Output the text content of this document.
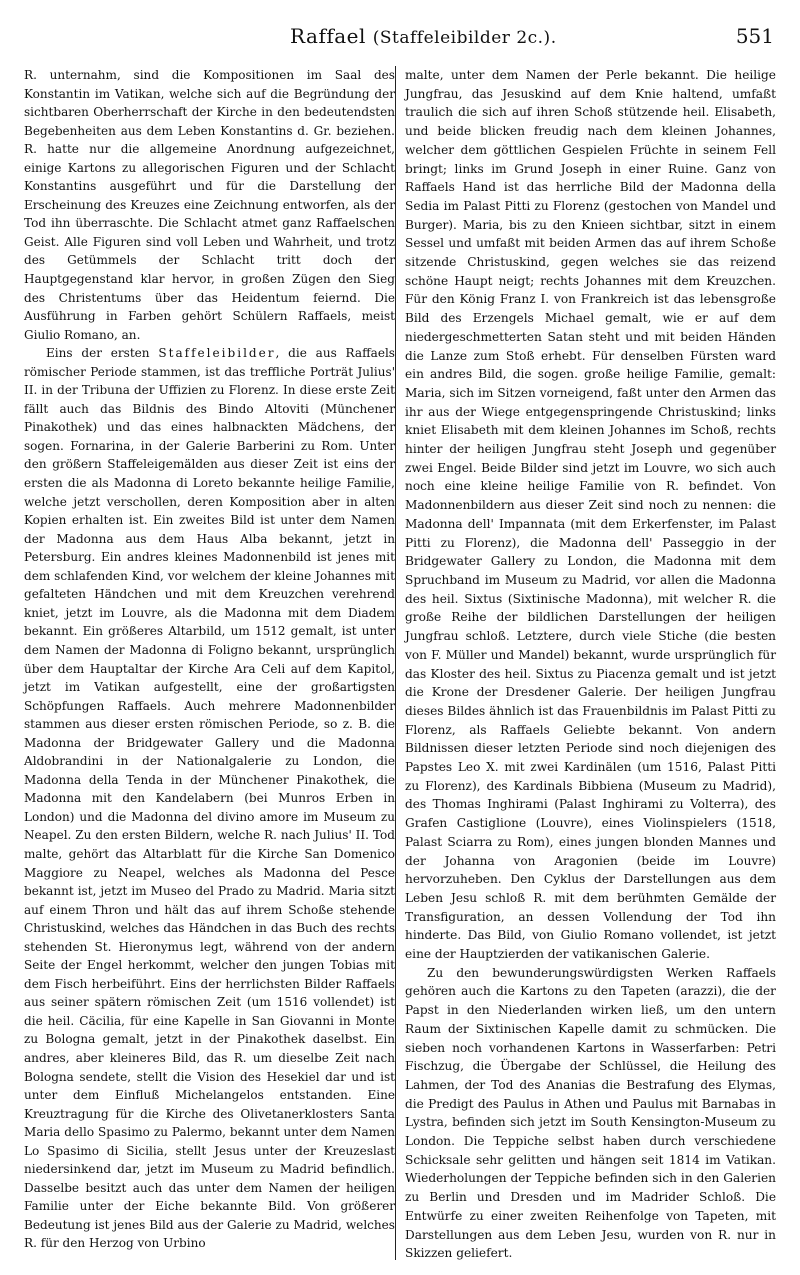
Raffael (Staffeleibilder 2c.).	551

R. unternahm, sind die Kompositionen im Saal des Konstantin im Vatikan, welche sich auf die Begründung der sichtbaren Oberherrschaft der Kirche in den bedeutendsten Begebenheiten aus dem Leben Konstantins d. Gr. beziehen. R. hatte nur die allgemeine Anordnung aufgezeichnet, einige Kartons zu allegorischen Figuren und der Schlacht Konstantins ausgeführt und für die Darstellung der Erscheinung des Kreuzes eine Zeichnung entworfen, als der Tod ihn überraschte. Die Schlacht atmet ganz Raffaelschen Geist. Alle Figuren sind voll Leben und Wahrheit, und trotz des Getümmels der Schlacht tritt doch der Hauptgegenstand klar hervor, in großen Zügen den Sieg des Christentums über das Heidentum feiernd. Die Ausführung in Farben gehört Schülern Raffaels, meist Giulio Romano, an.

Eins der ersten Staffeleibilder, die aus Raffaels römischer Periode stammen, ist das treffliche Porträt Julius' II. in der Tribuna der Uffizien zu Florenz. In diese erste Zeit fällt auch das Bildnis des Bindo Altoviti (Münchener Pinakothek) und das eines halbnackten Mädchens, der sogen. Fornarina, in der Galerie Barberini zu Rom. Unter den größern Staffeleigemälden aus dieser Zeit ist eins der ersten die als Madonna di Loreto bekannte heilige Familie, welche jetzt verschollen, deren Komposition aber in alten Kopien erhalten ist. Ein zweites Bild ist unter dem Namen der Madonna aus dem Haus Alba bekannt, jetzt in Petersburg. Ein andres kleines Madonnenbild ist jenes mit dem schlafenden Kind, vor welchem der kleine Johannes mit gefalteten Händchen und mit dem Kreuzchen verehrend kniet, jetzt im Louvre, als die Madonna mit dem Diadem bekannt. Ein größeres Altarbild, um 1512 gemalt, ist unter dem Namen der Madonna di Foligno bekannt, ursprünglich über dem Hauptaltar der Kirche Ara Celi auf dem Kapitol, jetzt im Vatikan aufgestellt, eine der großartigsten Schöpfungen Raffaels. Auch mehrere Madonnenbilder stammen aus dieser ersten römischen Periode, so z. B. die Madonna der Bridgewater Gallery und die Madonna Aldobrandini in der Nationalgalerie zu London, die Madonna della Tenda in der Münchener Pinakothek, die Madonna mit den Kandelabern (bei Munros Erben in London) und die Madonna del divino amore im Museum zu Neapel. Zu den ersten Bildern, welche R. nach Julius' II. Tod malte, gehört das Altarblatt für die Kirche San Domenico Maggiore zu Neapel, welches als Madonna del Pesce bekannt ist, jetzt im Museo del Prado zu Madrid. Maria sitzt auf einem Thron und hält das auf ihrem Schoße stehende Christuskind, welches das Händchen in das Buch des rechts stehenden St. Hieronymus legt, während von der andern Seite der Engel herkommt, welcher den jungen Tobias mit dem Fisch herbeiführt. Eins der herrlichsten Bilder Raffaels aus seiner spätern römischen Zeit (um 1516 vollendet) ist die heil. Cäcilia, für eine Kapelle in San Giovanni in Monte zu Bologna gemalt, jetzt in der Pinakothek daselbst. Ein andres, aber kleineres Bild, das R. um dieselbe Zeit nach Bologna sendete, stellt die Vision des Hesekiel dar und ist unter dem Einfluß Michelangelos entstanden. Eine Kreuztragung für die Kirche des Olivetanerklosters Santa Maria dello Spasimo zu Palermo, bekannt unter dem Namen Lo Spasimo di Sicilia, stellt Jesus unter der Kreuzeslast niedersinkend dar, jetzt im Museum zu Madrid befindlich. Dasselbe besitzt auch das unter dem Namen der heiligen Familie unter der Eiche bekannte Bild. Von größerer Bedeutung ist jenes Bild aus der Galerie zu Madrid, welches R. für den Herzog von Urbino

malte, unter dem Namen der Perle bekannt. Die heilige Jungfrau, das Jesuskind auf dem Knie haltend, umfaßt traulich die sich auf ihren Schoß stützende heil. Elisabeth, und beide blicken freudig nach dem kleinen Johannes, welcher dem göttlichen Gespielen Früchte in seinem Fell bringt; links im Grund Joseph in einer Ruine. Ganz von Raffaels Hand ist das herrliche Bild der Madonna della Sedia im Palast Pitti zu Florenz (gestochen von Mandel und Burger). Maria, bis zu den Knieen sichtbar, sitzt in einem Sessel und umfaßt mit beiden Armen das auf ihrem Schoße sitzende Christuskind, gegen welches sie das reizend schöne Haupt neigt; rechts Johannes mit dem Kreuzchen. Für den König Franz I. von Frankreich ist das lebensgroße Bild des Erzengels Michael gemalt, wie er auf dem niedergeschmetterten Satan steht und mit beiden Händen die Lanze zum Stoß erhebt. Für denselben Fürsten ward ein andres Bild, die sogen. große heilige Familie, gemalt: Maria, sich im Sitzen vorneigend, faßt unter den Armen das ihr aus der Wiege entgegenspringende Christuskind; links kniet Elisabeth mit dem kleinen Johannes im Schoß, rechts hinter der heiligen Jungfrau steht Joseph und gegenüber zwei Engel. Beide Bilder sind jetzt im Louvre, wo sich auch noch eine kleine heilige Familie von R. befindet. Von Madonnenbildern aus dieser Zeit sind noch zu nennen: die Madonna dell' Impannata (mit dem Erkerfenster, im Palast Pitti zu Florenz), die Madonna dell' Passeggio in der Bridgewater Gallery zu London, die Madonna mit dem Spruchband im Museum zu Madrid, vor allen die Madonna des heil. Sixtus (Sixtinische Madonna), mit welcher R. die große Reihe der bildlichen Darstellungen der heiligen Jungfrau schloß. Letztere, durch viele Stiche (die besten von F. Müller und Mandel) bekannt, wurde ursprünglich für das Kloster des heil. Sixtus zu Piacenza gemalt und ist jetzt die Krone der Dresdener Galerie. Der heiligen Jungfrau dieses Bildes ähnlich ist das Frauenbildnis im Palast Pitti zu Florenz, als Raffaels Geliebte bekannt. Von andern Bildnissen dieser letzten Periode sind noch diejenigen des Papstes Leo X. mit zwei Kardinälen (um 1516, Palast Pitti zu Florenz), des Kardinals Bibbiena (Museum zu Madrid), des Thomas Inghirami (Palast Inghirami zu Volterra), des Grafen Castiglione (Louvre), eines Violinspielers (1518, Palast Sciarra zu Rom), eines jungen blonden Mannes und der Johanna von Aragonien (beide im Louvre) hervorzuheben. Den Cyklus der Darstellungen aus dem Leben Jesu schloß R. mit dem berühmten Gemälde der Transfiguration, an dessen Vollendung der Tod ihn hinderte. Das Bild, von Giulio Romano vollendet, ist jetzt eine der Hauptzierden der vatikanischen Galerie.

Zu den bewunderungswürdigsten Werken Raffaels gehören auch die Kartons zu den Tapeten (arazzi), die der Papst in den Niederlanden wirken ließ, um den untern Raum der Sixtinischen Kapelle damit zu schmücken. Die sieben noch vorhandenen Kartons in Wasserfarben: Petri Fischzug, die Übergabe der Schlüssel, die Heilung des Lahmen, der Tod des Ananias die Bestrafung des Elymas, die Predigt des Paulus in Athen und Paulus mit Barnabas in Lystra, befinden sich jetzt im South Kensington-Museum zu London. Die Teppiche selbst haben durch verschiedene Schicksale sehr gelitten und hängen seit 1814 im Vatikan. Wiederholungen der Teppiche befinden sich in den Galerien zu Berlin und Dresden und im Madrider Schloß. Die Entwürfe zu einer zweiten Reihenfolge von Tapeten, mit Darstellungen aus dem Leben Jesu, wurden von R. nur in Skizzen geliefert.
